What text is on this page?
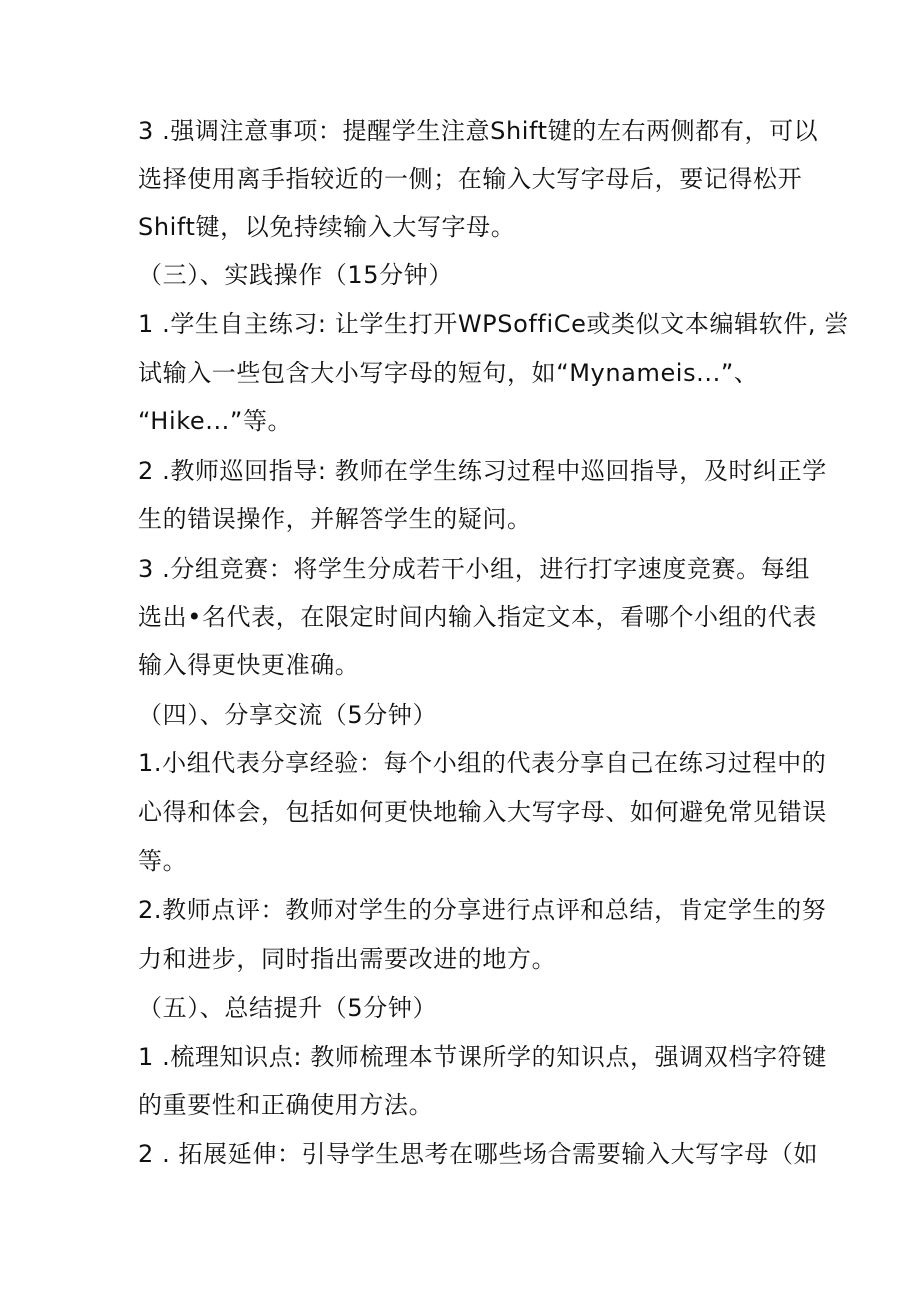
3 .强调注意事项：提醒学生注意Shift键的左右两侧都有，可以
选择使用离手指较近的一侧；在输入大写字母后，要记得松开
Shift键，以免持续输入大写字母。
（三）、实践操作（15分钟）
1 .学生自主练习: 让学生打开WPSoffiCe或类似文本编辑软件, 尝
试输入一些包含大小写字母的短句，如“Mynameis...”、
“Hike...”等。
2 .教师巡回指导: 教师在学生练习过程中巡回指导，及时纠正学
生的错误操作，并解答学生的疑问。
3 .分组竞赛：将学生分成若干小组，进行打字速度竞赛。每组
选出•名代表，在限定时间内输入指定文本，看哪个小组的代表
输入得更快更准确。
（四）、分享交流（5分钟）
1.小组代表分享经验：每个小组的代表分享自己在练习过程中的
心得和体会，包括如何更快地输入大写字母、如何避免常见错误
等。
2.教师点评：教师对学生的分享进行点评和总结，肯定学生的努
力和进步，同时指出需要改进的地方。
（五）、总结提升（5分钟）
1 .梳理知识点: 教师梳理本节课所学的知识点，强调双档字符键
的重要性和正确使用方法。
2 . 拓展延伸：引导学生思考在哪些场合需要输入大写字母（如
